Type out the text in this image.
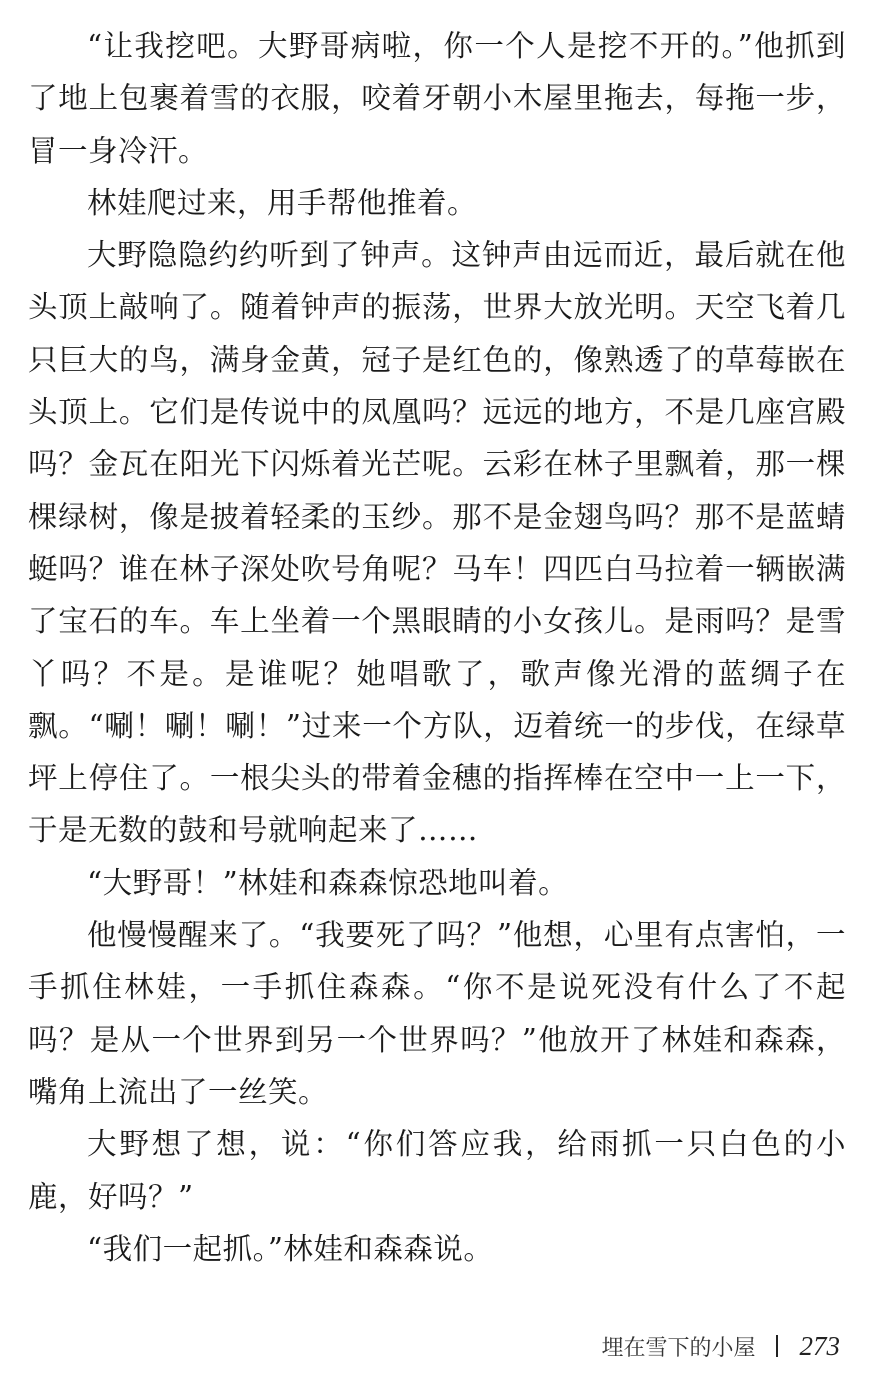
“让我挖吧。大野哥病啦，你一个人是挖不开的。”他抓到了地上包裹着雪的衣服，咬着牙朝小木屋里拖去，每拖一步，冒一身冷汗。

林娃爬过来，用手帮他推着。

大野隐隐约约听到了钟声。这钟声由远而近，最后就在他头顶上敲响了。随着钟声的振荡，世界大放光明。天空飞着几只巨大的鸟，满身金黄，冠子是红色的，像熟透了的草莓嵌在头顶上。它们是传说中的凤凰吗？远远的地方，不是几座宫殿吗？金瓦在阳光下闪烁着光芒呢。云彩在林子里飘着，那一棵棵绿树，像是披着轻柔的玉纱。那不是金翅鸟吗？那不是蓝蜻蜓吗？谁在林子深处吹号角呢？马车！四匹白马拉着一辆嵌满了宝石的车。车上坐着一个黑眼睛的小女孩儿。是雨吗？是雪丫吗？不是。是谁呢？她唱歌了，歌声像光滑的蓝绸子在飘。“唰！唰！唰！”过来一个方队，迈着统一的步伐，在绿草坪上停住了。一根尖头的带着金穗的指挥棒在空中一上一下，于是无数的鼓和号就响起来了……

“大野哥！”林娃和森森惊恐地叫着。

他慢慢醒来了。“我要死了吗？”他想，心里有点害怕，一手抓住林娃，一手抓住森森。“你不是说死没有什么了不起吗？是从一个世界到另一个世界吗？”他放开了林娃和森森，嘴角上流出了一丝笑。

大野想了想，说：“你们答应我，给雨抓一只白色的小鹿，好吗？”

“我们一起抓。”林娃和森森说。

埋在雪下的小屋 273
